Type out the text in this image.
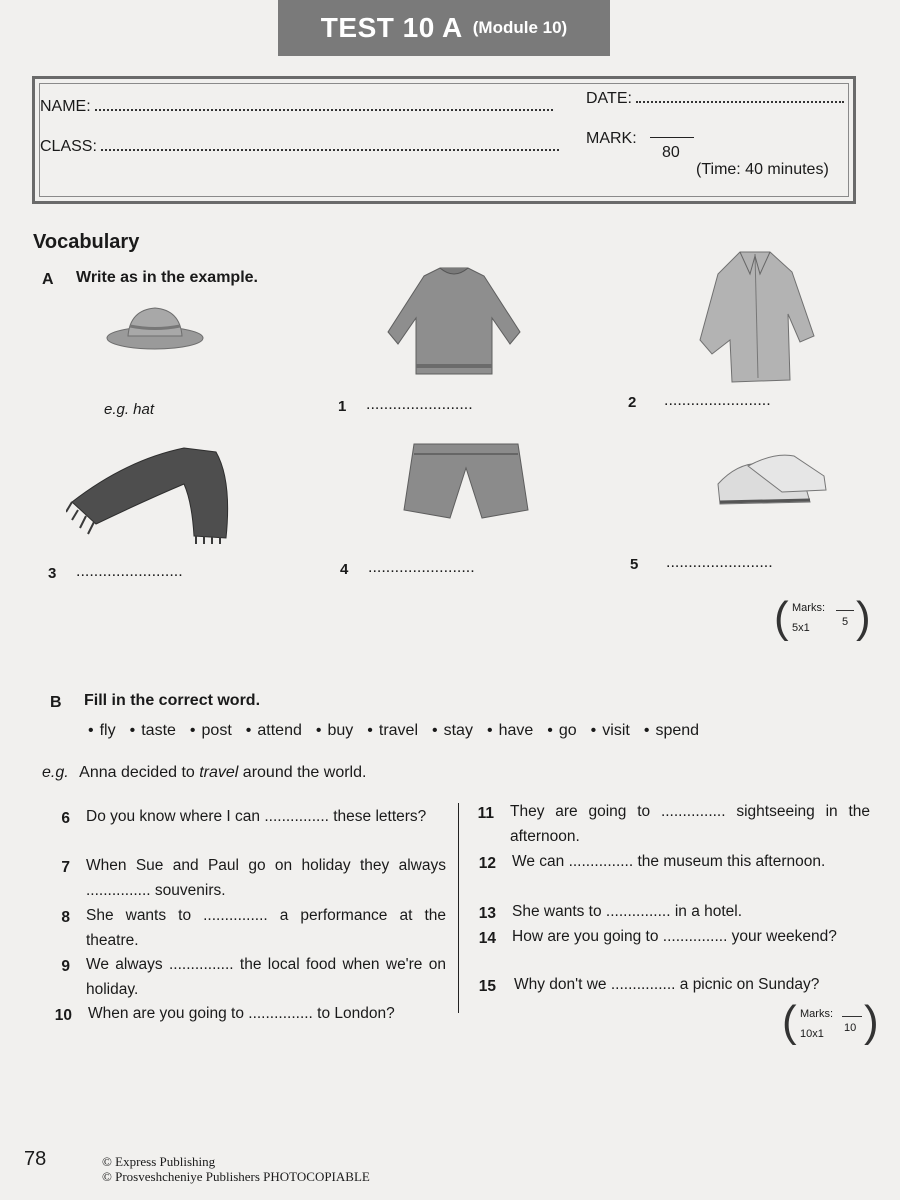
TEST 10 A (Module 10)
NAME:
CLASS:
DATE:
MARK:
80
(Time: 40 minutes)
Vocabulary
A Write as in the example.
e.g. hat	1 ........................	2 ........................
3 ........................	4 ........................	5 ........................
( Marks:
5x1	5 )
B Fill in the correct word.
• fly	• taste	• post	• attend	• buy	• travel	• stay	• have	• go	• visit	• spend
e.g. Anna decided to travel around the world.
6 Do you know where I can ............... these letters?
7 When Sue and Paul go on holiday they always ............... souvenirs.
8 She wants to ............... a performance at the theatre.
9 We always ............... the local food when we're on holiday.
10 When are you going to ............... to London?
11 They are going to ............... sightseeing in the afternoon.
12 We can ............... the museum this afternoon.
13 She wants to ............... in a hotel.
14 How are you going to ............... your weekend?
15 Why don't we ............... a picnic on Sunday?
( Marks:
10x1 10 )
78	© Express Publishing
© Prosveshcheniye Publishers PHOTOCOPIABLE
